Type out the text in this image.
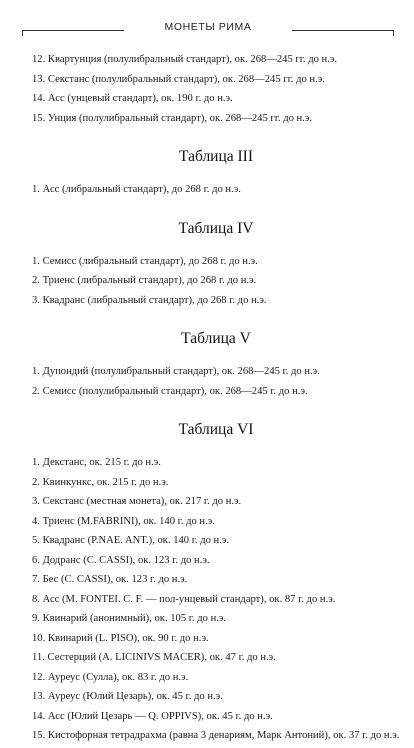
МОНЕТЫ РИМА
12. Квартунция (полулибральный стандарт), ок. 268—245 гг. до н.э.
13. Секстанс (полулибральный стандарт), ок. 268—245 гг. до н.э.
14. Асс (унцевый стандарт), ок. 190 г. до н.э.
15. Унция (полулибральный стандарт), ок. 268—245 гг. до н.э.
Таблица III
1. Асс (либральный стандарт), до 268 г. до н.э.
Таблица IV
1. Семисс (либральный стандарт), до 268 г. до н.э.
2. Триенс (либральный стандарт), до 268 г. до н.э.
3. Квадранс (либральный стандарт), до 268 г. до н.э.
Таблица V
1. Дупондий (полулибральный стандарт), ок. 268—245 г. до н.э.
2. Семисс (полулибральный стандарт), ок. 268—245 г. до н.э.
Таблица VI
1. Декстанс, ок. 215 г. до н.э.
2. Квинкункс, ок. 215 г. до н.э.
3. Секстанс (местная монета), ок. 217 г. до н.э.
4. Триенс (M.FABRINI), ок. 140 г. до н.э.
5. Квадранс (P.NAE. ANT.), ок. 140 г. до н.э.
6. Додранс (C. CASSI), ок. 123 г. до н.э.
7. Бес (C. CASSI), ок. 123 г. до н.э.
8. Асс (M. FONTEI. C. F. — пол-унцевый стандарт), ок. 87 г. до н.э.
9. Квинарий (анонимный), ок. 105 г. до н.э.
10. Квинарий (L. PISO), ок. 90 г. до н.э.
11. Сестерций (A. LICINIVS MACER), ок. 47 г. до н.э.
12. Ауреус (Сулла), ок. 83 г. до н.э.
13. Ауреус (Юлий Цезарь), ок. 45 г. до н.э.
14. Асс (Юлий Цезарь — Q. OPPIVS), ок. 45 г. до н.э.
15. Кистофорная тетрадрахма (равна 3 денариям, Марк Антоний), ок. 37 г. до н.э.
